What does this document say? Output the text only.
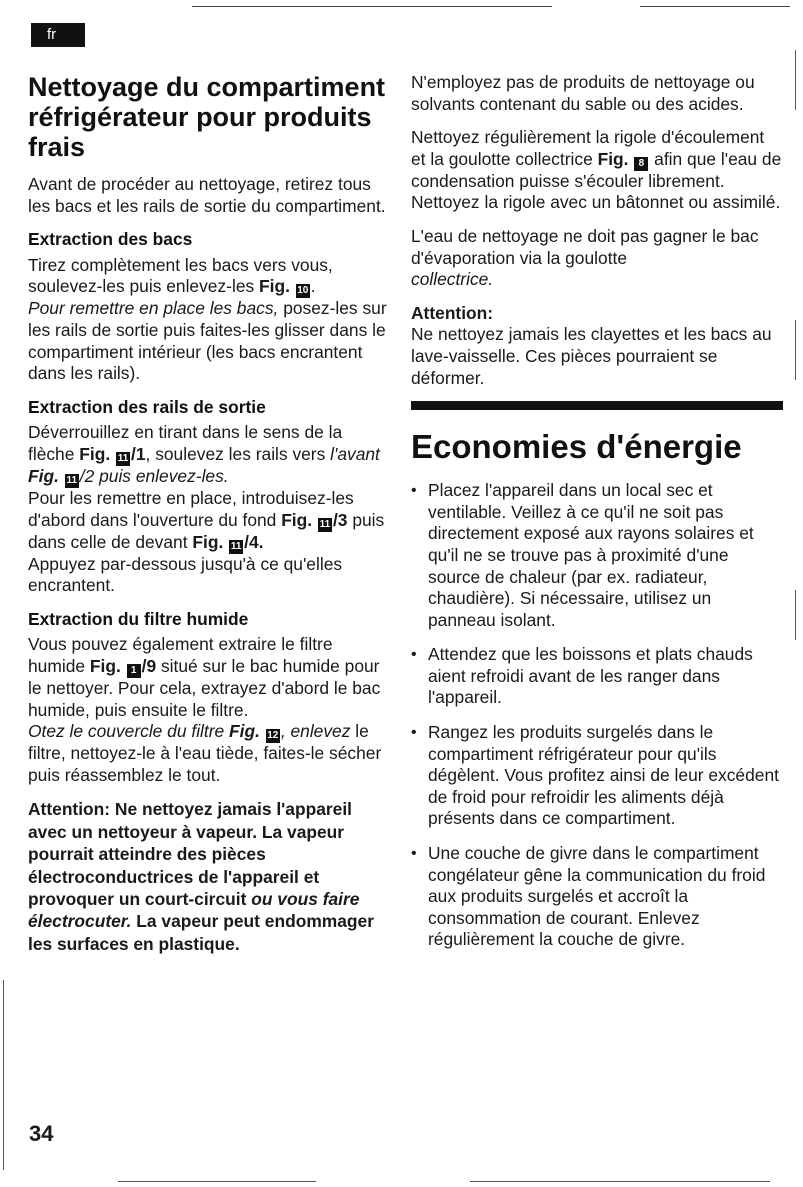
fr
Nettoyage du compartiment réfrigérateur pour produits frais

Avant de procéder au nettoyage, retirez tous les bacs et les rails de sortie du compartiment.

Extraction des bacs

Tirez complètement les bacs vers vous, soulevez-les puis enlevez-les Fig. 10 .
Pour remettre en place les bacs, posez-les sur les rails de sortie puis faites-les glisser dans le compartiment intérieur (les bacs encrantent dans les rails).

Extraction des rails de sortie

Déverrouillez en tirant dans le sens de la flèche Fig. 11 /1, soulevez les rails vers l'avant Fig. 11 /2 puis enlevez-les.
Pour les remettre en place, introduisez-les d'abord dans l'ouverture du fond Fig. 11 /3 puis dans celle de devant Fig. 11 /4.
Appuyez par-dessous jusqu'à ce qu'elles encrantent.

Extraction du filtre humide

Vous pouvez également extraire le filtre humide Fig. 1 /9 situé sur le bac humide pour le nettoyer. Pour cela, extrayez d'abord le bac humide, puis ensuite le filtre.
Otez le couvercle du filtre Fig. 12 , enlevez le filtre, nettoyez-le à l'eau tiède, faites-le sécher puis réassemblez le tout.

Attention: Ne nettoyez jamais l'appareil avec un nettoyeur à vapeur. La vapeur pourrait atteindre des pièces électroconductrices de l'appareil et provoquer un court-circuit ou vous faire électrocuter. La vapeur peut endommager les surfaces en plastique.

N'employez pas de produits de nettoyage ou solvants contenant du sable ou des acides.

Nettoyez régulièrement la rigole d'écoulement et la goulotte collectrice Fig. 8 afin que l'eau de condensation puisse s'écouler librement. Nettoyez la rigole avec un bâtonnet ou assimilé.

L'eau de nettoyage ne doit pas gagner le bac d'évaporation via la goulotte
collectrice.

Attention:
Ne nettoyez jamais les clayettes et les bacs au lave-vaisselle. Ces pièces pourraient se déformer.

Economies d'énergie
• Placez l'appareil dans un local sec et ventilable. Veillez à ce qu'il ne soit pas directement exposé aux rayons solaires et qu'il ne se trouve pas à proximité d'une source de chaleur (par ex. radiateur, chaudière). Si nécessaire, utilisez un panneau isolant.
• Attendez que les boissons et plats chauds aient refroidi avant de les ranger dans l'appareil.
• Rangez les produits surgelés dans le compartiment réfrigérateur pour qu'ils dégèlent. Vous profitez ainsi de leur excédent de froid pour refroidir les aliments déjà présents dans ce compartiment.
• Une couche de givre dans le compartiment congélateur gêne la communication du froid aux produits surgelés et accroît la consommation de courant. Enlevez régulièrement la couche de givre.
34
